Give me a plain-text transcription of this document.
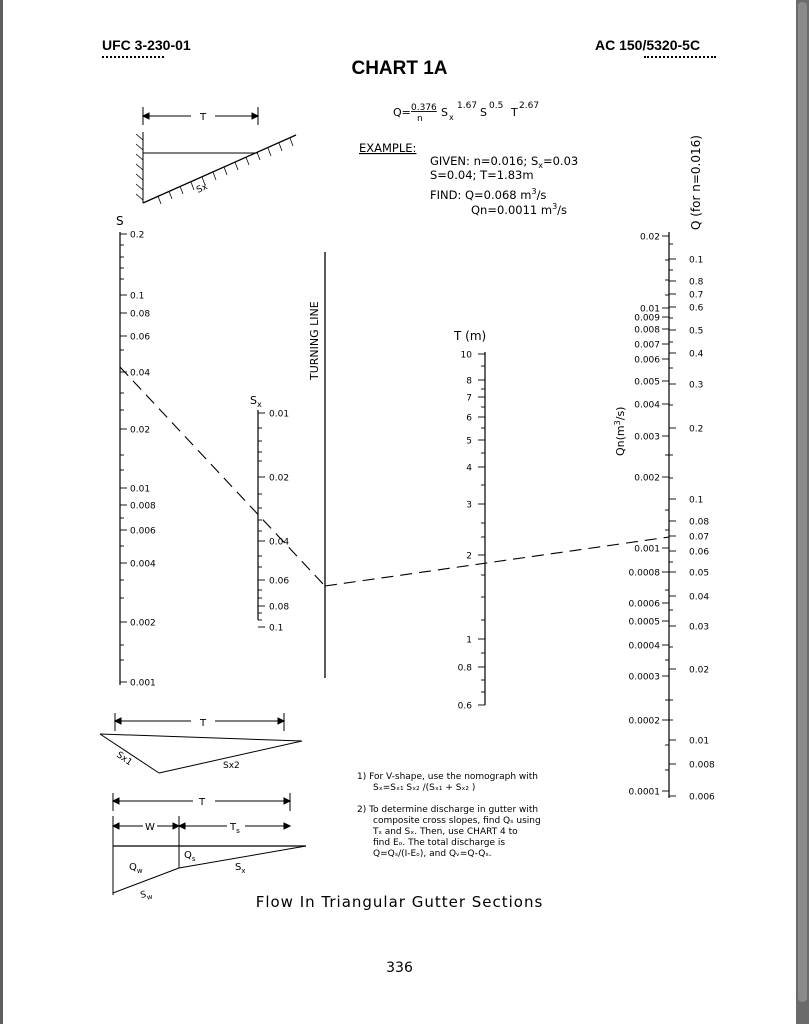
UFC 3-230-01	AC 150/5320-5C
CHART 1A
Q= 0.376
n S x
1.67 S 0.5 T 2.67
EXAMPLE:
GIVEN: n=0.016; $S_x=0.03$
S=0.04; T=1.83m
FIND: Q=0.068 $m^3/s$
Qn=0.0011 $m^3/s$
T
Sx
S
0.2
0.1
0.08
0.06
0.04
0.02
0.01
0.008
0.006
0.004
0.002
0.001
$S_x$
0.01
0.02
0.04
0.06
0.08
0.1
TURNING LINE	T (m)
10
8
7
6
5
4
3
2
1
0.8
0.6
0.02
0.01
0.009
0.008
0.007
0.006
0.005
0.004
0.003
0.002
0.001
0.0008
0.0006
0.0005
0.0004
0.0003
0.0002
0.0001
0.1
0.8
0.7
0.6
0.5
0.4
0.3
0.2
0.1
0.08
0.07
0.06
0.05
0.04
0.03
0.02
0.01
0.008
0.006
$Qn(m^3/s)$
Q (for n=0.016)
T
Sx1	Sx2
T
W	$T_s$
$Q_w$
$Q_s$
$S_x$
$S_w$
1) For V-shape, use the nomograph with
Sₓ=Sₓ₁ Sₓ₂ /(Sₓ₁ + Sₓ₂ )
2) To determine discharge in gutter with
composite cross slopes, find Qₛ using
Tₛ and Sₓ. Then, use CHART 4 to
find Eₒ. The total discharge is
Q=Qₛ/(I-Eₒ), and Qᵥ=Q-Qₛ.
Flow In Triangular Gutter Sections
336
